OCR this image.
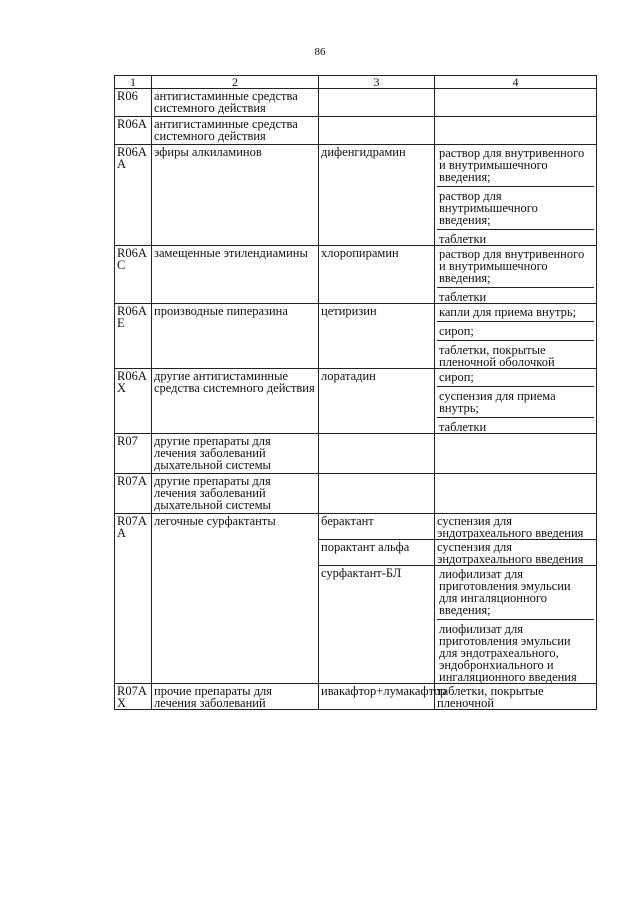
86
1	2	3	4
R06	антигистаминные средства системного действия		
R06A	антигистаминные средства системного действия		
R06A A	эфиры алкиламинов	дифенгидрамин	раствор для внутривенного и внутримышечного введения;
раствор для внутримышечного введения;
таблетки

R06A C	замещенные этилендиамины	хлоропирамин	раствор для внутривенного и внутримышечного введения;
таблетки

R06A E	производные пиперазина	цетиризин	капли для приема внутрь;
сироп;
таблетки, покрытые пленочной оболочкой

R06A X	другие антигистаминные средства системного действия	лоратадин	сироп;
суспензия для приема внутрь;
таблетки

R07	другие препараты для лечения заболеваний дыхательной системы		
R07A	другие препараты для лечения заболеваний дыхательной системы		
R07A A	легочные сурфактанты	берактант	суспензия для эндотрахеального введения
		порактант альфа	суспензия для эндотрахеального введения
		сурфактант-БЛ	лиофилизат для приготовления эмульсии для ингаляционного введения;
лиофилизат для приготовления эмульсии для эндотрахеального, эндобронхиального и ингаляционного введения

R07A X	прочие препараты для лечения заболеваний	ивакафтор+лумакафтор	таблетки, покрытые пленочной
